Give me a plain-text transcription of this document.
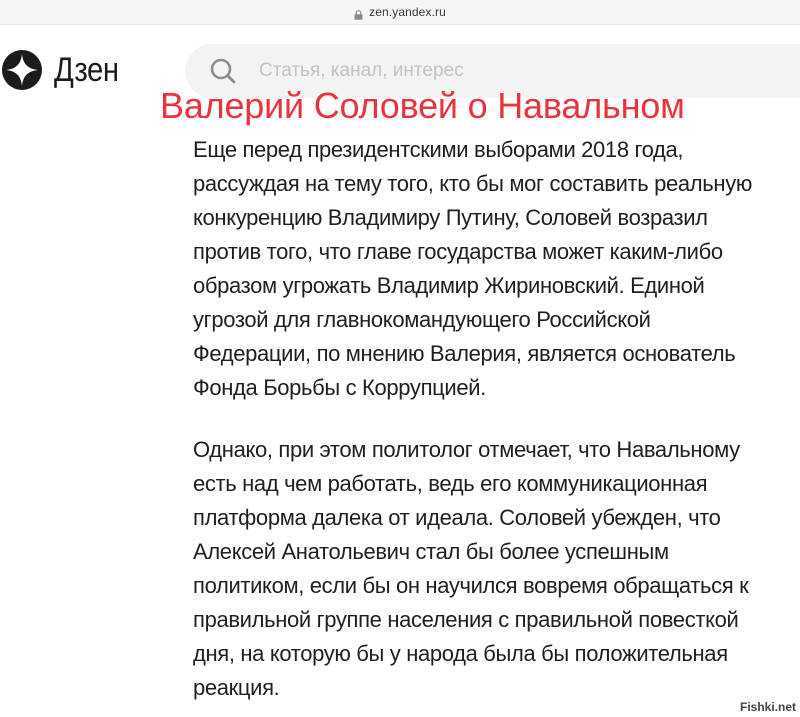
zen.yandex.ru
Дзен
Статья, канал, интерес
Валерий Соловей о Навальном

Еще перед президентскими выборами 2018 года,
рассуждая на тему того, кто бы мог составить реальную
конкуренцию Владимиру Путину, Соловей возразил
против того, что главе государства может каким-либо
образом угрожать Владимир Жириновский. Единой
угрозой для главнокомандующего Российской
Федерации, по мнению Валерия, является основатель
Фонда Борьбы с Коррупцией.

Однако, при этом политолог отмечает, что Навальному
есть над чем работать, ведь его коммуникационная
платформа далека от идеала. Соловей убежден, что
Алексей Анатольевич стал бы более успешным
политиком, если бы он научился вовремя обращаться к
правильной группе населения с правильной повесткой
дня, на которую бы у народа была бы положительная
реакция.

Fishki.net
